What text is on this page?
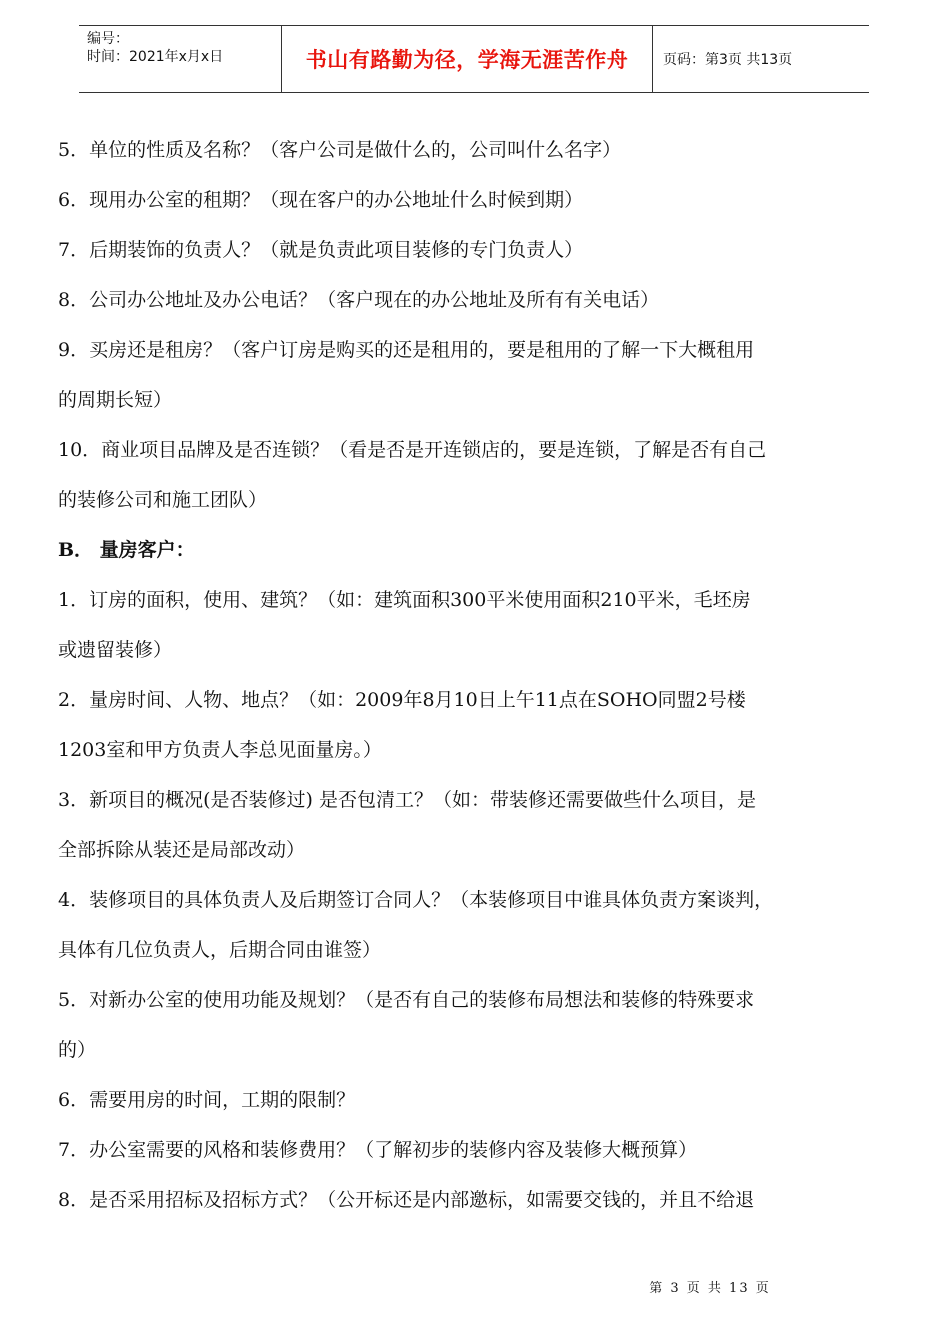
编号：
时间：2021年x月x日	书山有路勤为径，学海无涯苦作舟	页码：第3页 共13页
5．单位的性质及名称？（客户公司是做什么的，公司叫什么名字）
6．现用办公室的租期？（现在客户的办公地址什么时候到期）
7．后期装饰的负责人？（就是负责此项目装修的专门负责人）
8．公司办公地址及办公电话？（客户现在的办公地址及所有有关电话）
9．买房还是租房？（客户订房是购买的还是租用的，要是租用的了解一下大概租用
的周期长短）
10．商业项目品牌及是否连锁？（看是否是开连锁店的，要是连锁，了解是否有自己
的装修公司和施工团队）
B． 量房客户：
1．订房的面积，使用、建筑？（如：建筑面积300平米使用面积210平米，毛坯房
或遗留装修）
2．量房时间、人物、地点？（如：2009年8月10日上午11点在SOHO同盟2号楼
1203室和甲方负责人李总见面量房。）
3．新项目的概况(是否装修过) 是否包清工？（如：带装修还需要做些什么项目，是
全部拆除从装还是局部改动）
4．装修项目的具体负责人及后期签订合同人？（本装修项目中谁具体负责方案谈判，
具体有几位负责人，后期合同由谁签）
5．对新办公室的使用功能及规划？（是否有自己的装修布局想法和装修的特殊要求
的）
6．需要用房的时间，工期的限制？
7．办公室需要的风格和装修费用？（了解初步的装修内容及装修大概预算）
8．是否采用招标及招标方式？（公开标还是内部邀标，如需要交钱的，并且不给退
第 3 页 共 13 页
